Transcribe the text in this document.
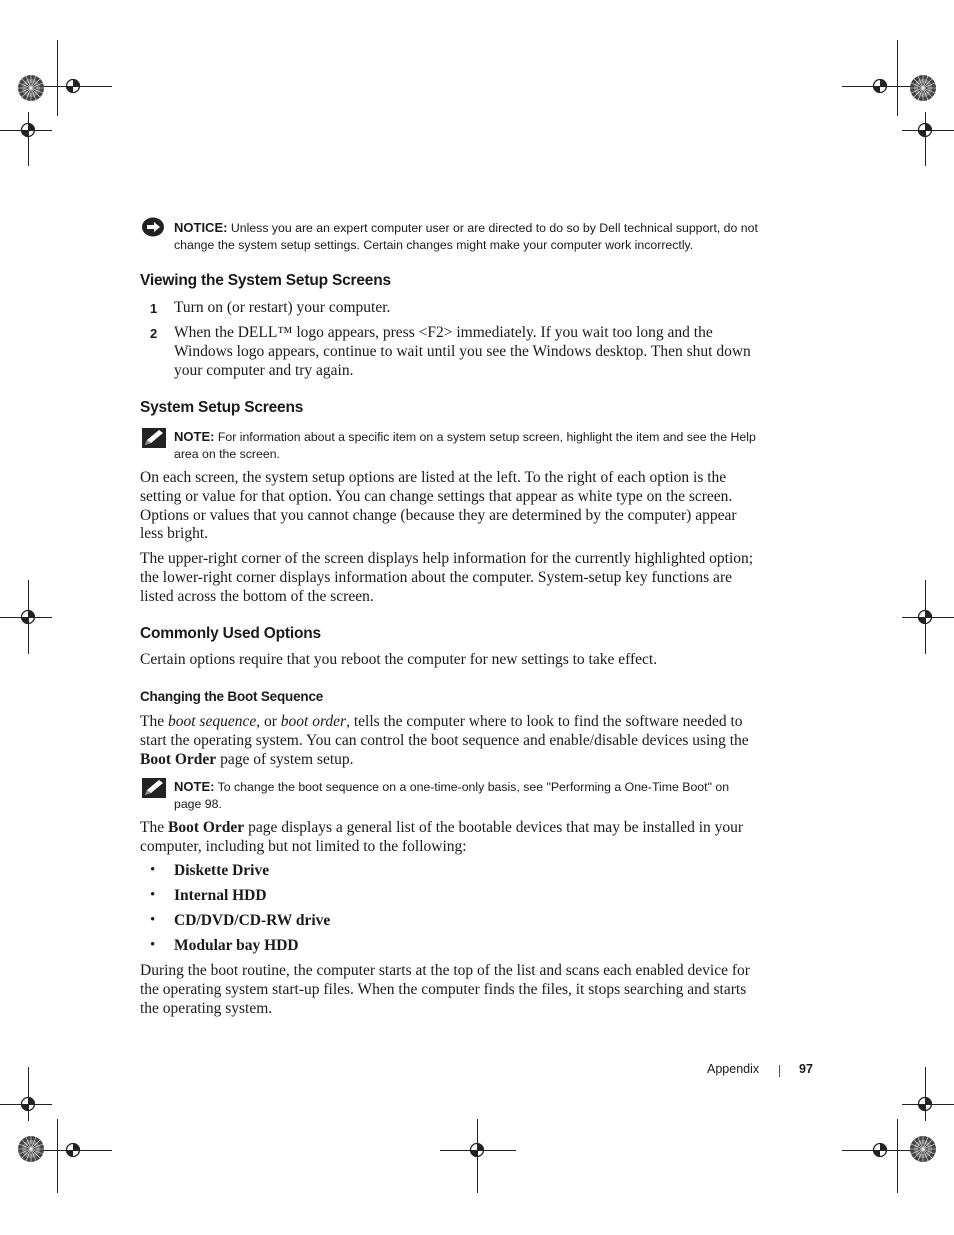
NOTICE: Unless you are an expert computer user or are directed to do so by Dell technical support, do not change the system setup settings. Certain changes might make your computer work incorrectly.
Viewing the System Setup Screens
1 Turn on (or restart) your computer.
2 When the DELL™ logo appears, press <F2> immediately. If you wait too long and the Windows logo appears, continue to wait until you see the Windows desktop. Then shut down your computer and try again.
System Setup Screens
NOTE: For information about a specific item on a system setup screen, highlight the item and see the Help area on the screen.
On each screen, the system setup options are listed at the left. To the right of each option is the setting or value for that option. You can change settings that appear as white type on the screen. Options or values that you cannot change (because they are determined by the computer) appear less bright.
The upper-right corner of the screen displays help information for the currently highlighted option; the lower-right corner displays information about the computer. System-setup key functions are listed across the bottom of the screen.
Commonly Used Options
Certain options require that you reboot the computer for new settings to take effect.
Changing the Boot Sequence
The boot sequence, or boot order, tells the computer where to look to find the software needed to start the operating system. You can control the boot sequence and enable/disable devices using the Boot Order page of system setup.
NOTE: To change the boot sequence on a one-time-only basis, see "Performing a One-Time Boot" on page 98.
The Boot Order page displays a general list of the bootable devices that may be installed in your computer, including but not limited to the following:
• Diskette Drive
• Internal HDD
• CD/DVD/CD-RW drive
• Modular bay HDD
During the boot routine, the computer starts at the top of the list and scans each enabled device for the operating system start-up files. When the computer finds the files, it stops searching and starts the operating system.
Appendix	97
